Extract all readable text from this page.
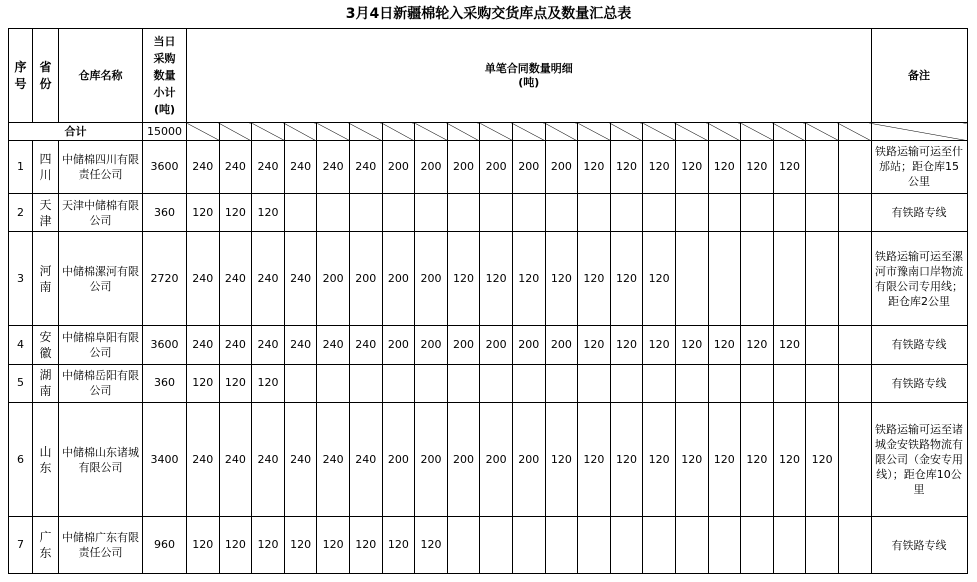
3月4日新疆棉轮入采购交货库点及数量汇总表
序号	省份	仓库名称	当日采购数量小计(吨)	单笔合同数量明细
(吨)																					备注
合计			15000																						
1	四川	中储棉四川有限责任公司	3600	240	240	240	240	240	240	200	200	200	200	200	200	120	120	120	120	120	120	120			铁路运输可运至什邡站；距仓库15公里
2	天津	天津中储棉有限公司	360	120	120	120																			有铁路专线
3	河南	中储棉漯河有限公司	2720	240	240	240	240	200	200	200	200	120	120	120	120	120	120	120							铁路运输可运至漯河市豫南口岸物流有限公司专用线；距仓库2公里
4	安徽	中储棉阜阳有限公司	3600	240	240	240	240	240	240	200	200	200	200	200	200	120	120	120	120	120	120	120			有铁路专线
5	湖南	中储棉岳阳有限公司	360	120	120	120																			有铁路专线
6	山东	中储棉山东诸城有限公司	3400	240	240	240	240	240	240	200	200	200	200	200	120	120	120	120	120	120	120	120	120		铁路运输可运至诸城金安铁路物流有限公司（金安专用线）；距仓库10公里
7	广东	中储棉广东有限责任公司	960	120	120	120	120	120	120	120	120														有铁路专线
